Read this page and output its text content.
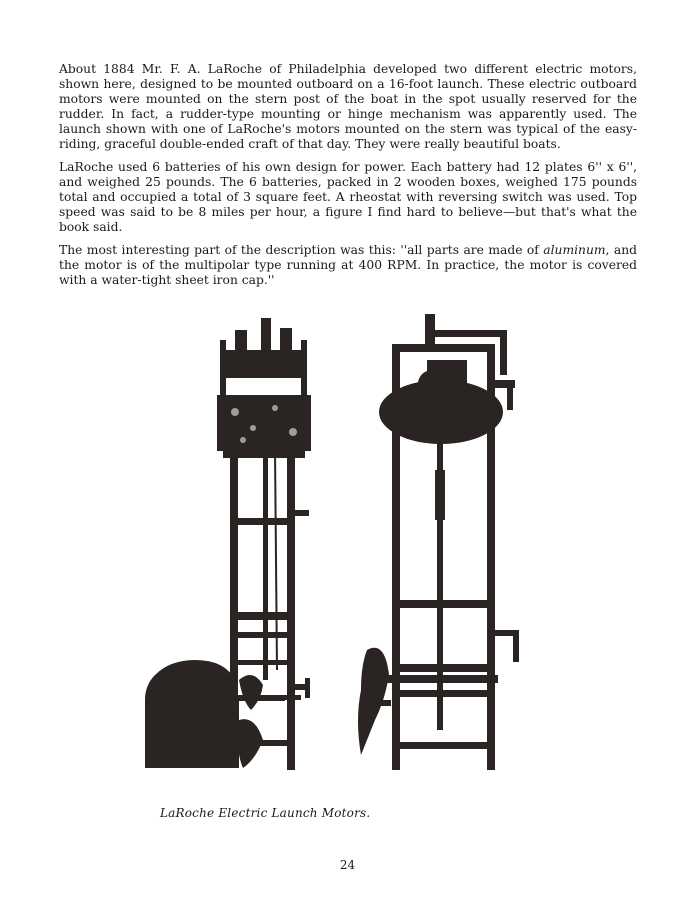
About 1884 Mr. F. A. LaRoche of Philadelphia developed two different electric motors, shown here, designed to be mounted outboard on a 16-foot launch. These electric outboard motors were mounted on the stern post of the boat in the spot usually reserved for the rudder. In fact, a rudder-type mounting or hinge mechanism was apparently used. The launch shown with one of LaRoche's motors mounted on the stern was typical of the easy-riding, graceful double-ended craft of that day. They were really beautiful boats.

LaRoche used 6 batteries of his own design for power. Each battery had 12 plates 6'' x 6'', and weighed 25 pounds. The 6 batteries, packed in 2 wooden boxes, weighed 175 pounds total and occupied a total of 3 square feet. A rheostat with reversing switch was used. Top speed was said to be 8 miles per hour, a figure I find hard to believe—but that's what the book said.

The most interesting part of the description was this: ''all parts are made of aluminum, and the motor is of the multipolar type running at 400 RPM. In practice, the motor is covered with a water-tight sheet iron cap.''

LaRoche Electric Launch Motors.
24
